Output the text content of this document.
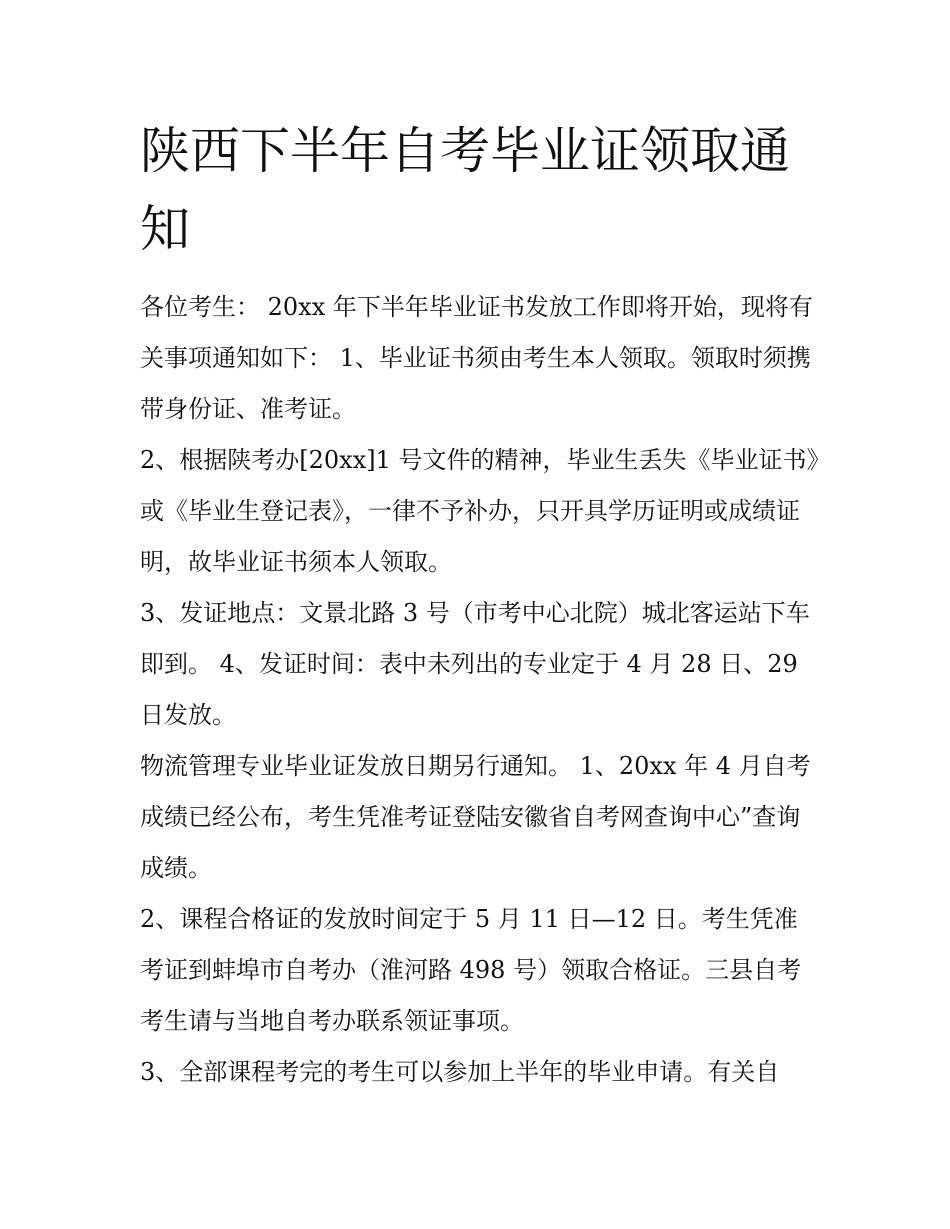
陕西下半年自考毕业证领取通知

各位考生： 20xx 年下半年毕业证书发放工作即将开始，现将有关事项通知如下： 1、毕业证书须由考生本人领取。领取时须携带身份证、准考证。

2、根据陕考办[20xx]1 号文件的精神，毕业生丢失《毕业证书》或《毕业生登记表》，一律不予补办，只开具学历证明或成绩证明，故毕业证书须本人领取。

3、发证地点：文景北路 3 号（市考中心北院）城北客运站下车即到。 4、发证时间：表中未列出的专业定于 4 月 28 日、29日发放。

物流管理专业毕业证发放日期另行通知。 1、20xx 年 4 月自考成绩已经公布，考生凭准考证登陆安徽省自考网查询中心”查询成绩。

2、课程合格证的发放时间定于 5 月 11 日—12 日。考生凭准考证到蚌埠市自考办（淮河路 498 号）领取合格证。三县自考考生请与当地自考办联系领证事项。

3、全部课程考完的考生可以参加上半年的毕业申请。有关自
